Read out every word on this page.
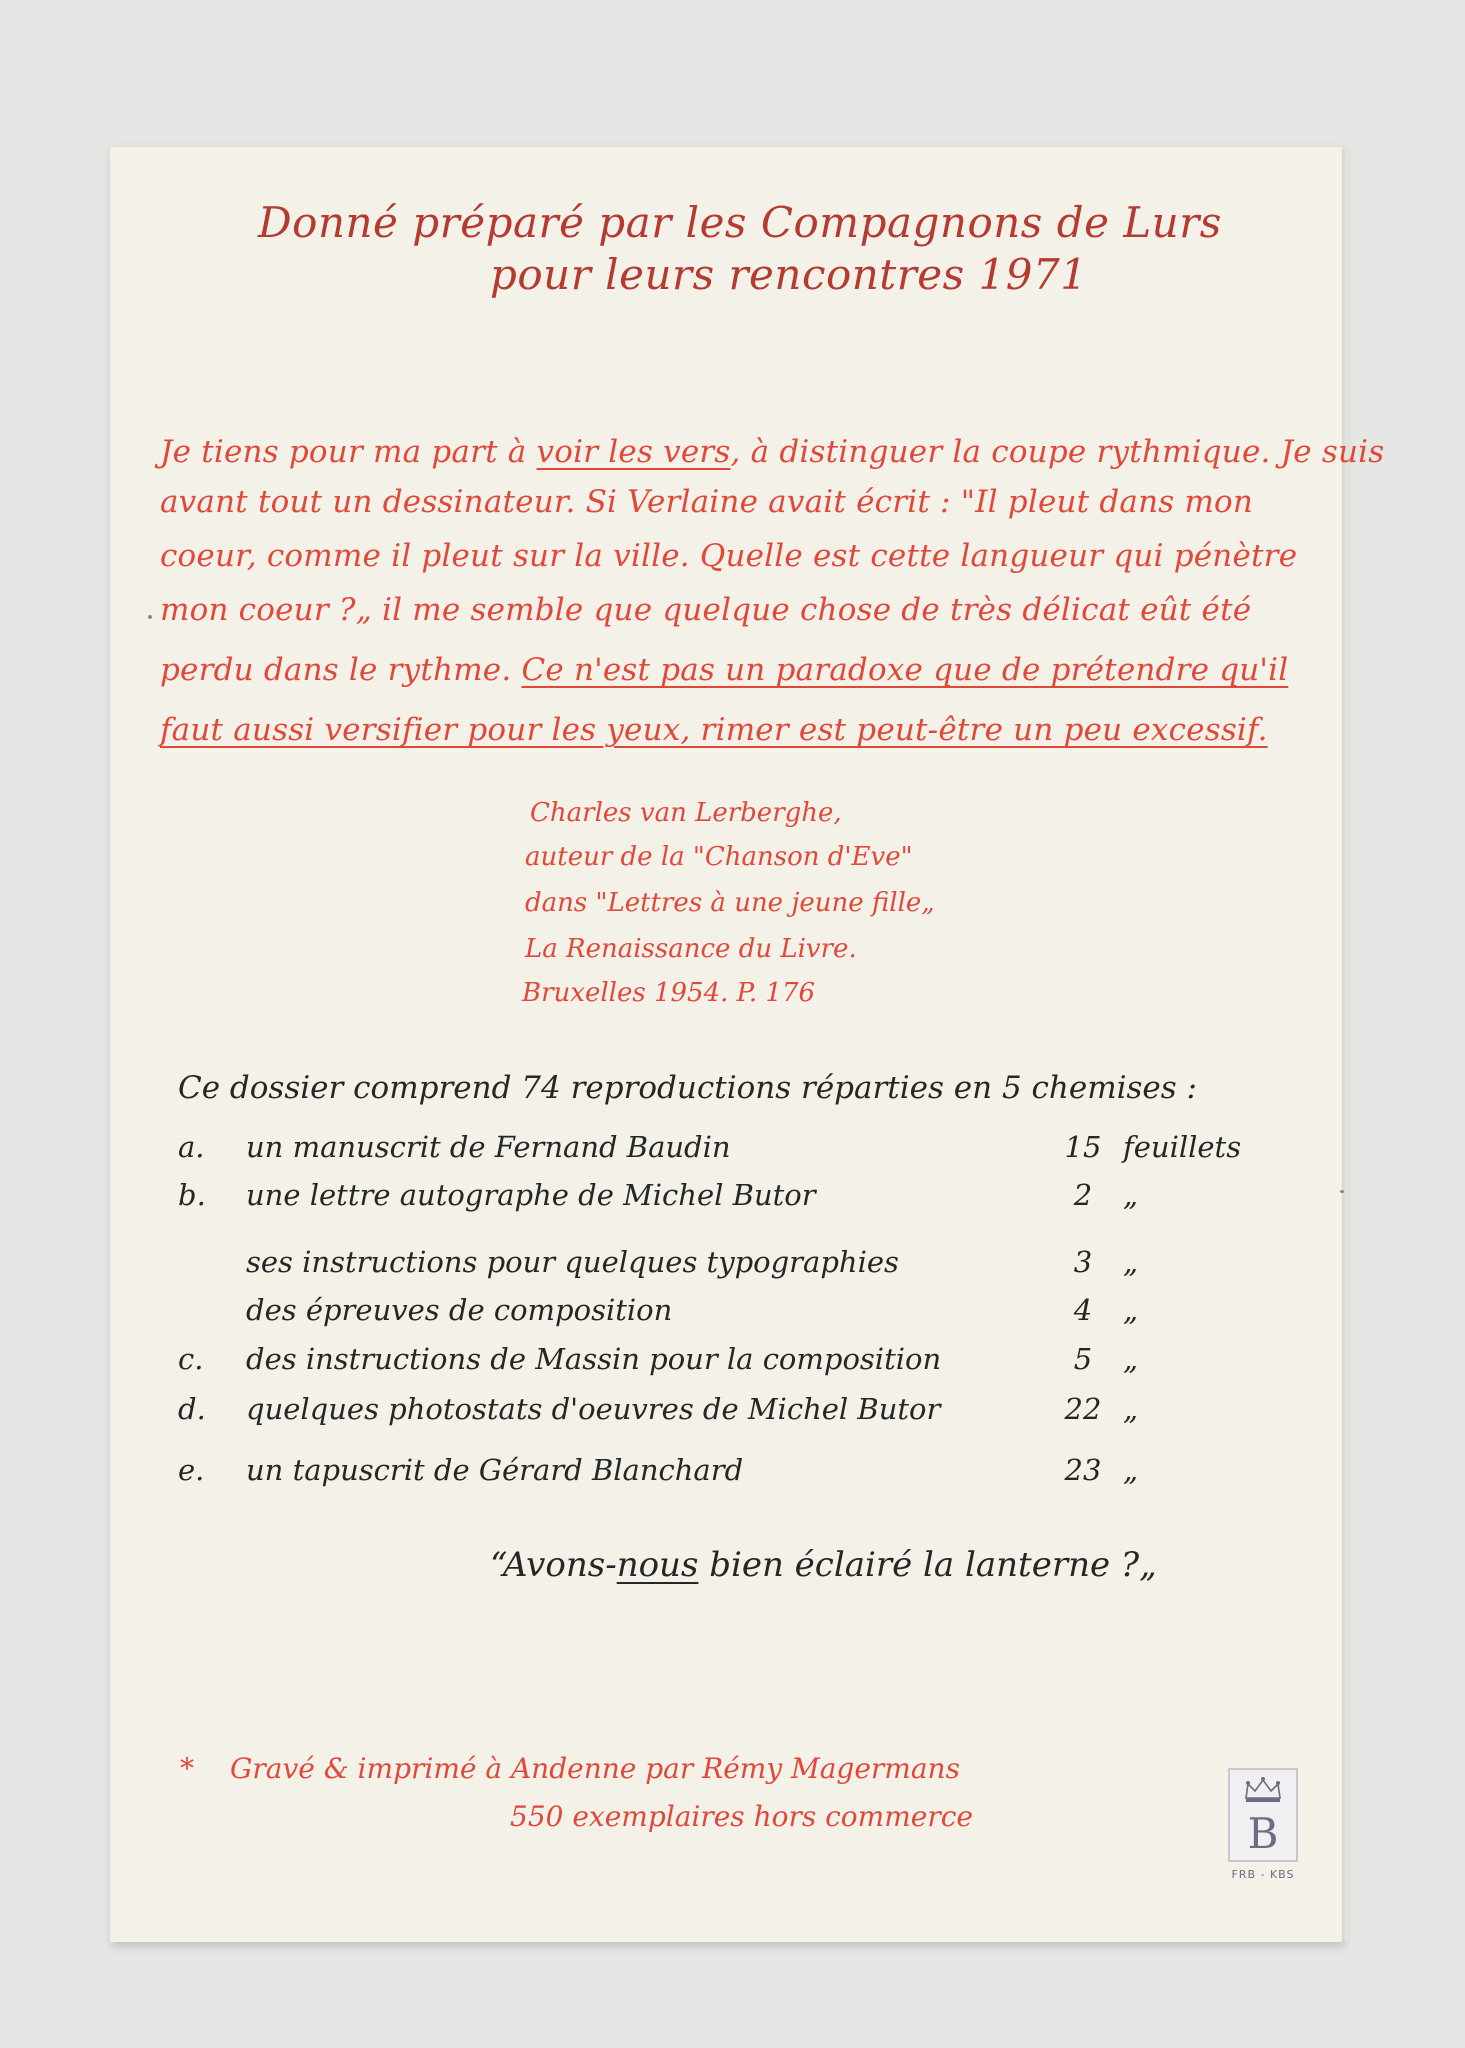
Donné préparé par les Compagnons de Lurs
pour leurs rencontres 1971
Je tiens pour ma part à voir les vers, à distinguer la coupe rythmique. Je suis
avant tout un dessinateur. Si Verlaine avait écrit : "Il pleut dans mon
coeur, comme il pleut sur la ville. Quelle est cette langueur qui pénètre
mon coeur ?„ il me semble que quelque chose de très délicat eût été
perdu dans le rythme. Ce n'est pas un paradoxe que de prétendre qu'il
faut aussi versifier pour les yeux, rimer est peut-être un peu excessif.
Charles van Lerberghe,
auteur de la "Chanson d'Eve"
dans "Lettres à une jeune fille„
La Renaissance du Livre.
Bruxelles 1954. P. 176
Ce dossier comprend 74 reproductions réparties en 5 chemises :
a. un manuscrit de Fernand Baudin	15 feuillets
b. une lettre autographe de Michel Butor	2	„
ses instructions pour quelques typographies	3	„
des épreuves de composition	4	„
c. des instructions de Massin pour la composition	5	„
d. quelques photostats d'oeuvres de Michel Butor	22 „
e. un tapuscrit de Gérard Blanchard	23 „
“Avons-nous bien éclairé la lanterne ?„
* Gravé & imprimé à Andenne par Rémy Magermans
550 exemplaires hors commerce	B
FRB - KBS
